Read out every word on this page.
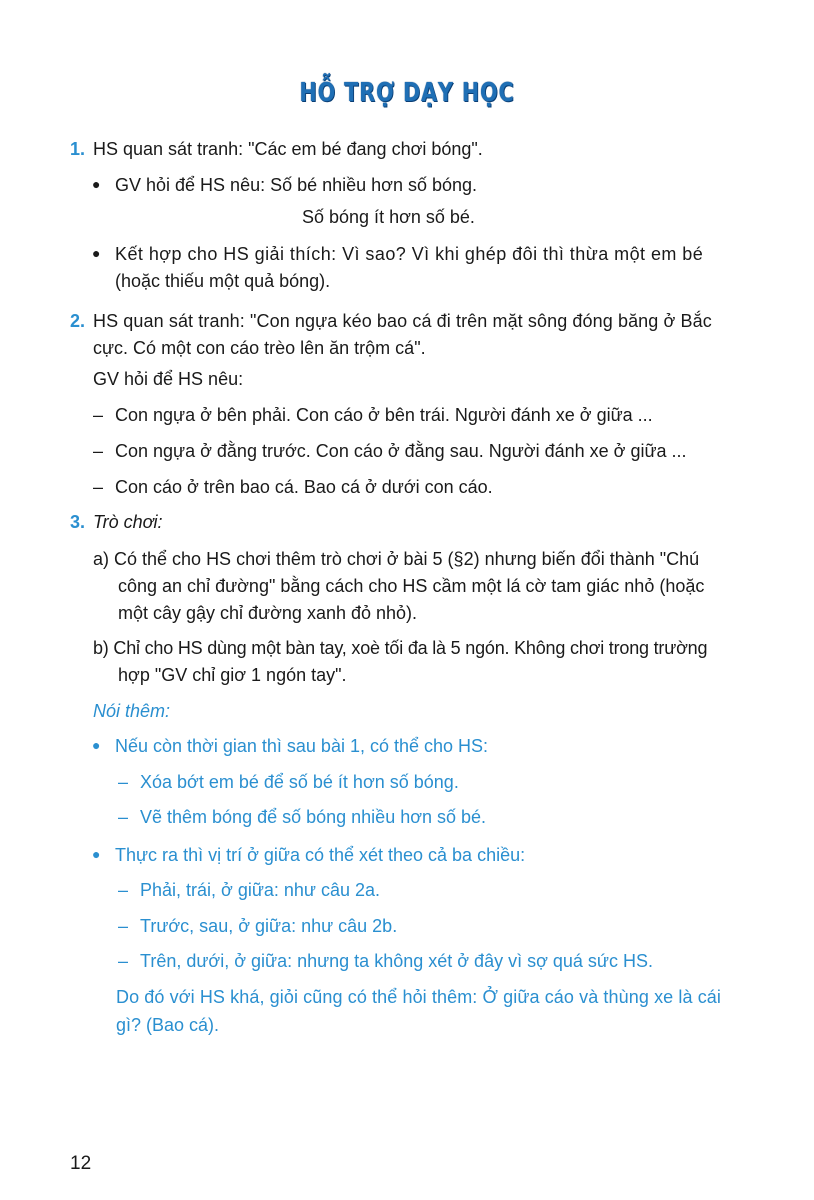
HỖ TRỢ DẠY HỌC
1. HS quan sát tranh: "Các em bé đang chơi bóng".
● GV hỏi để HS nêu: Số bé nhiều hơn số bóng.
Số bóng ít hơn số bé.
● Kết hợp cho HS giải thích: Vì sao? Vì khi ghép đôi thì thừa một em bé
(hoặc thiếu một quả bóng).
2. HS quan sát tranh: "Con ngựa kéo bao cá đi trên mặt sông đóng băng ở Bắc
cực. Có một con cáo trèo lên ăn trộm cá".
GV hỏi để HS nêu:
– Con ngựa ở bên phải. Con cáo ở bên trái. Người đánh xe ở giữa ...
– Con ngựa ở đằng trước. Con cáo ở đằng sau. Người đánh xe ở giữa ...
– Con cáo ở trên bao cá. Bao cá ở dưới con cáo.
3. Trò chơi:
a) Có thể cho HS chơi thêm trò chơi ở bài 5 (§2) nhưng biến đổi thành "Chú
công an chỉ đường" bằng cách cho HS cầm một lá cờ tam giác nhỏ (hoặc
một cây gậy chỉ đường xanh đỏ nhỏ).
b) Chỉ cho HS dùng một bàn tay, xoè tối đa là 5 ngón. Không chơi trong trường
hợp "GV chỉ giơ 1 ngón tay".
Nói thêm:
● Nếu còn thời gian thì sau bài 1, có thể cho HS:
– Xóa bớt em bé để số bé ít hơn số bóng.
– Vẽ thêm bóng để số bóng nhiều hơn số bé.
● Thực ra thì vị trí ở giữa có thể xét theo cả ba chiều:
– Phải, trái, ở giữa: như câu 2a.
– Trước, sau, ở giữa: như câu 2b.
– Trên, dưới, ở giữa: nhưng ta không xét ở đây vì sợ quá sức HS.
Do đó với HS khá, giỏi cũng có thể hỏi thêm: Ở giữa cáo và thùng xe là cái
gì? (Bao cá).
12
